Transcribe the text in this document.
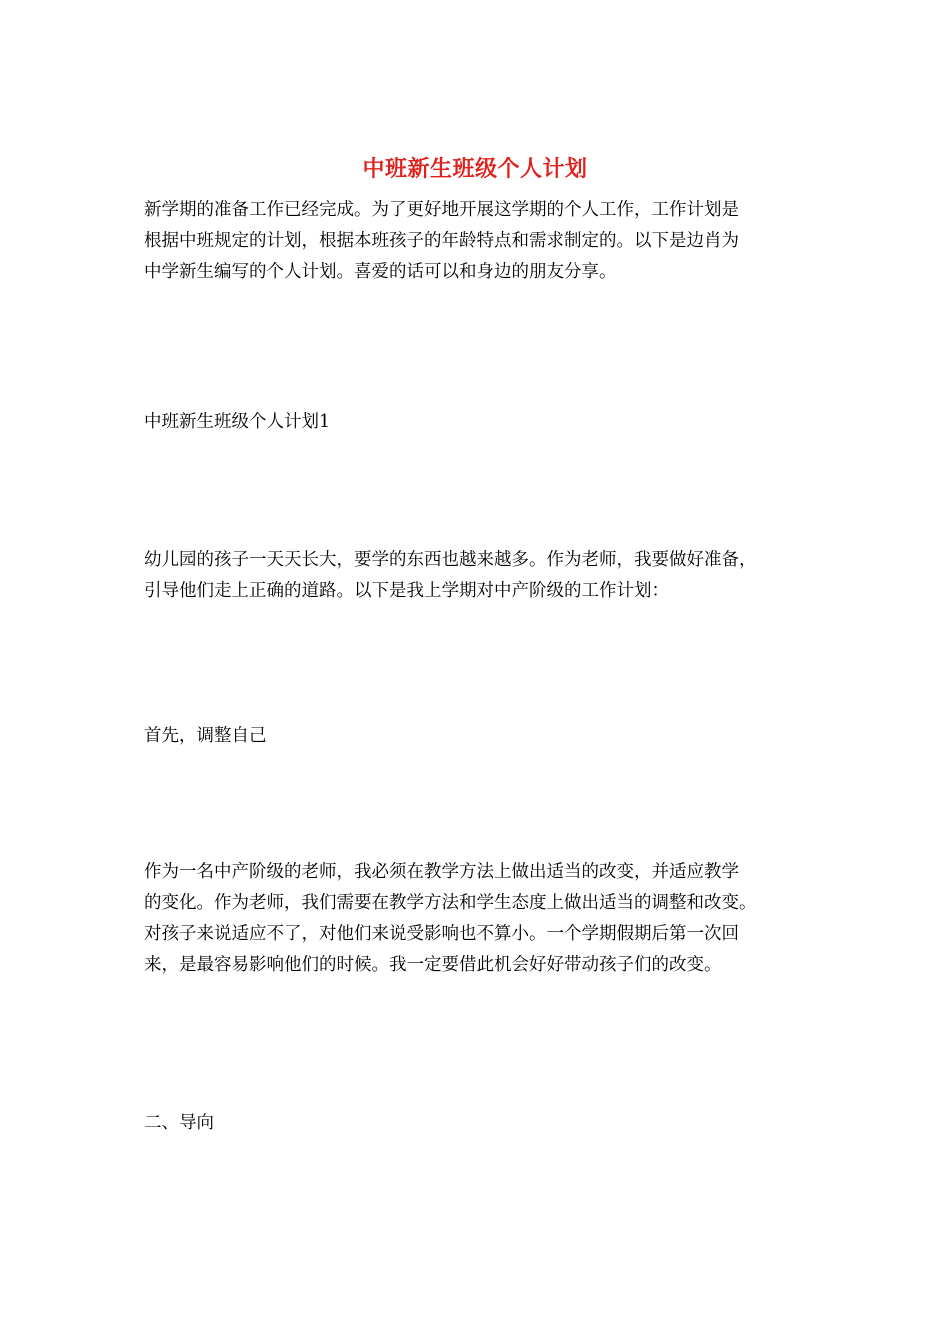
中班新生班级个人计划

新学期的准备工作已经完成。为了更好地开展这学期的个人工作，工作计划是
根据中班规定的计划，根据本班孩子的年龄特点和需求制定的。以下是边肖为
中学新生编写的个人计划。喜爱的话可以和身边的朋友分享。

中班新生班级个人计划1

幼儿园的孩子一天天长大，要学的东西也越来越多。作为老师，我要做好准备，
引导他们走上正确的道路。以下是我上学期对中产阶级的工作计划：

首先，调整自己

作为一名中产阶级的老师，我必须在教学方法上做出适当的改变，并适应教学
的变化。作为老师，我们需要在教学方法和学生态度上做出适当的调整和改变。
对孩子来说适应不了，对他们来说受影响也不算小。一个学期假期后第一次回
来，是最容易影响他们的时候。我一定要借此机会好好带动孩子们的改变。

二、导向
